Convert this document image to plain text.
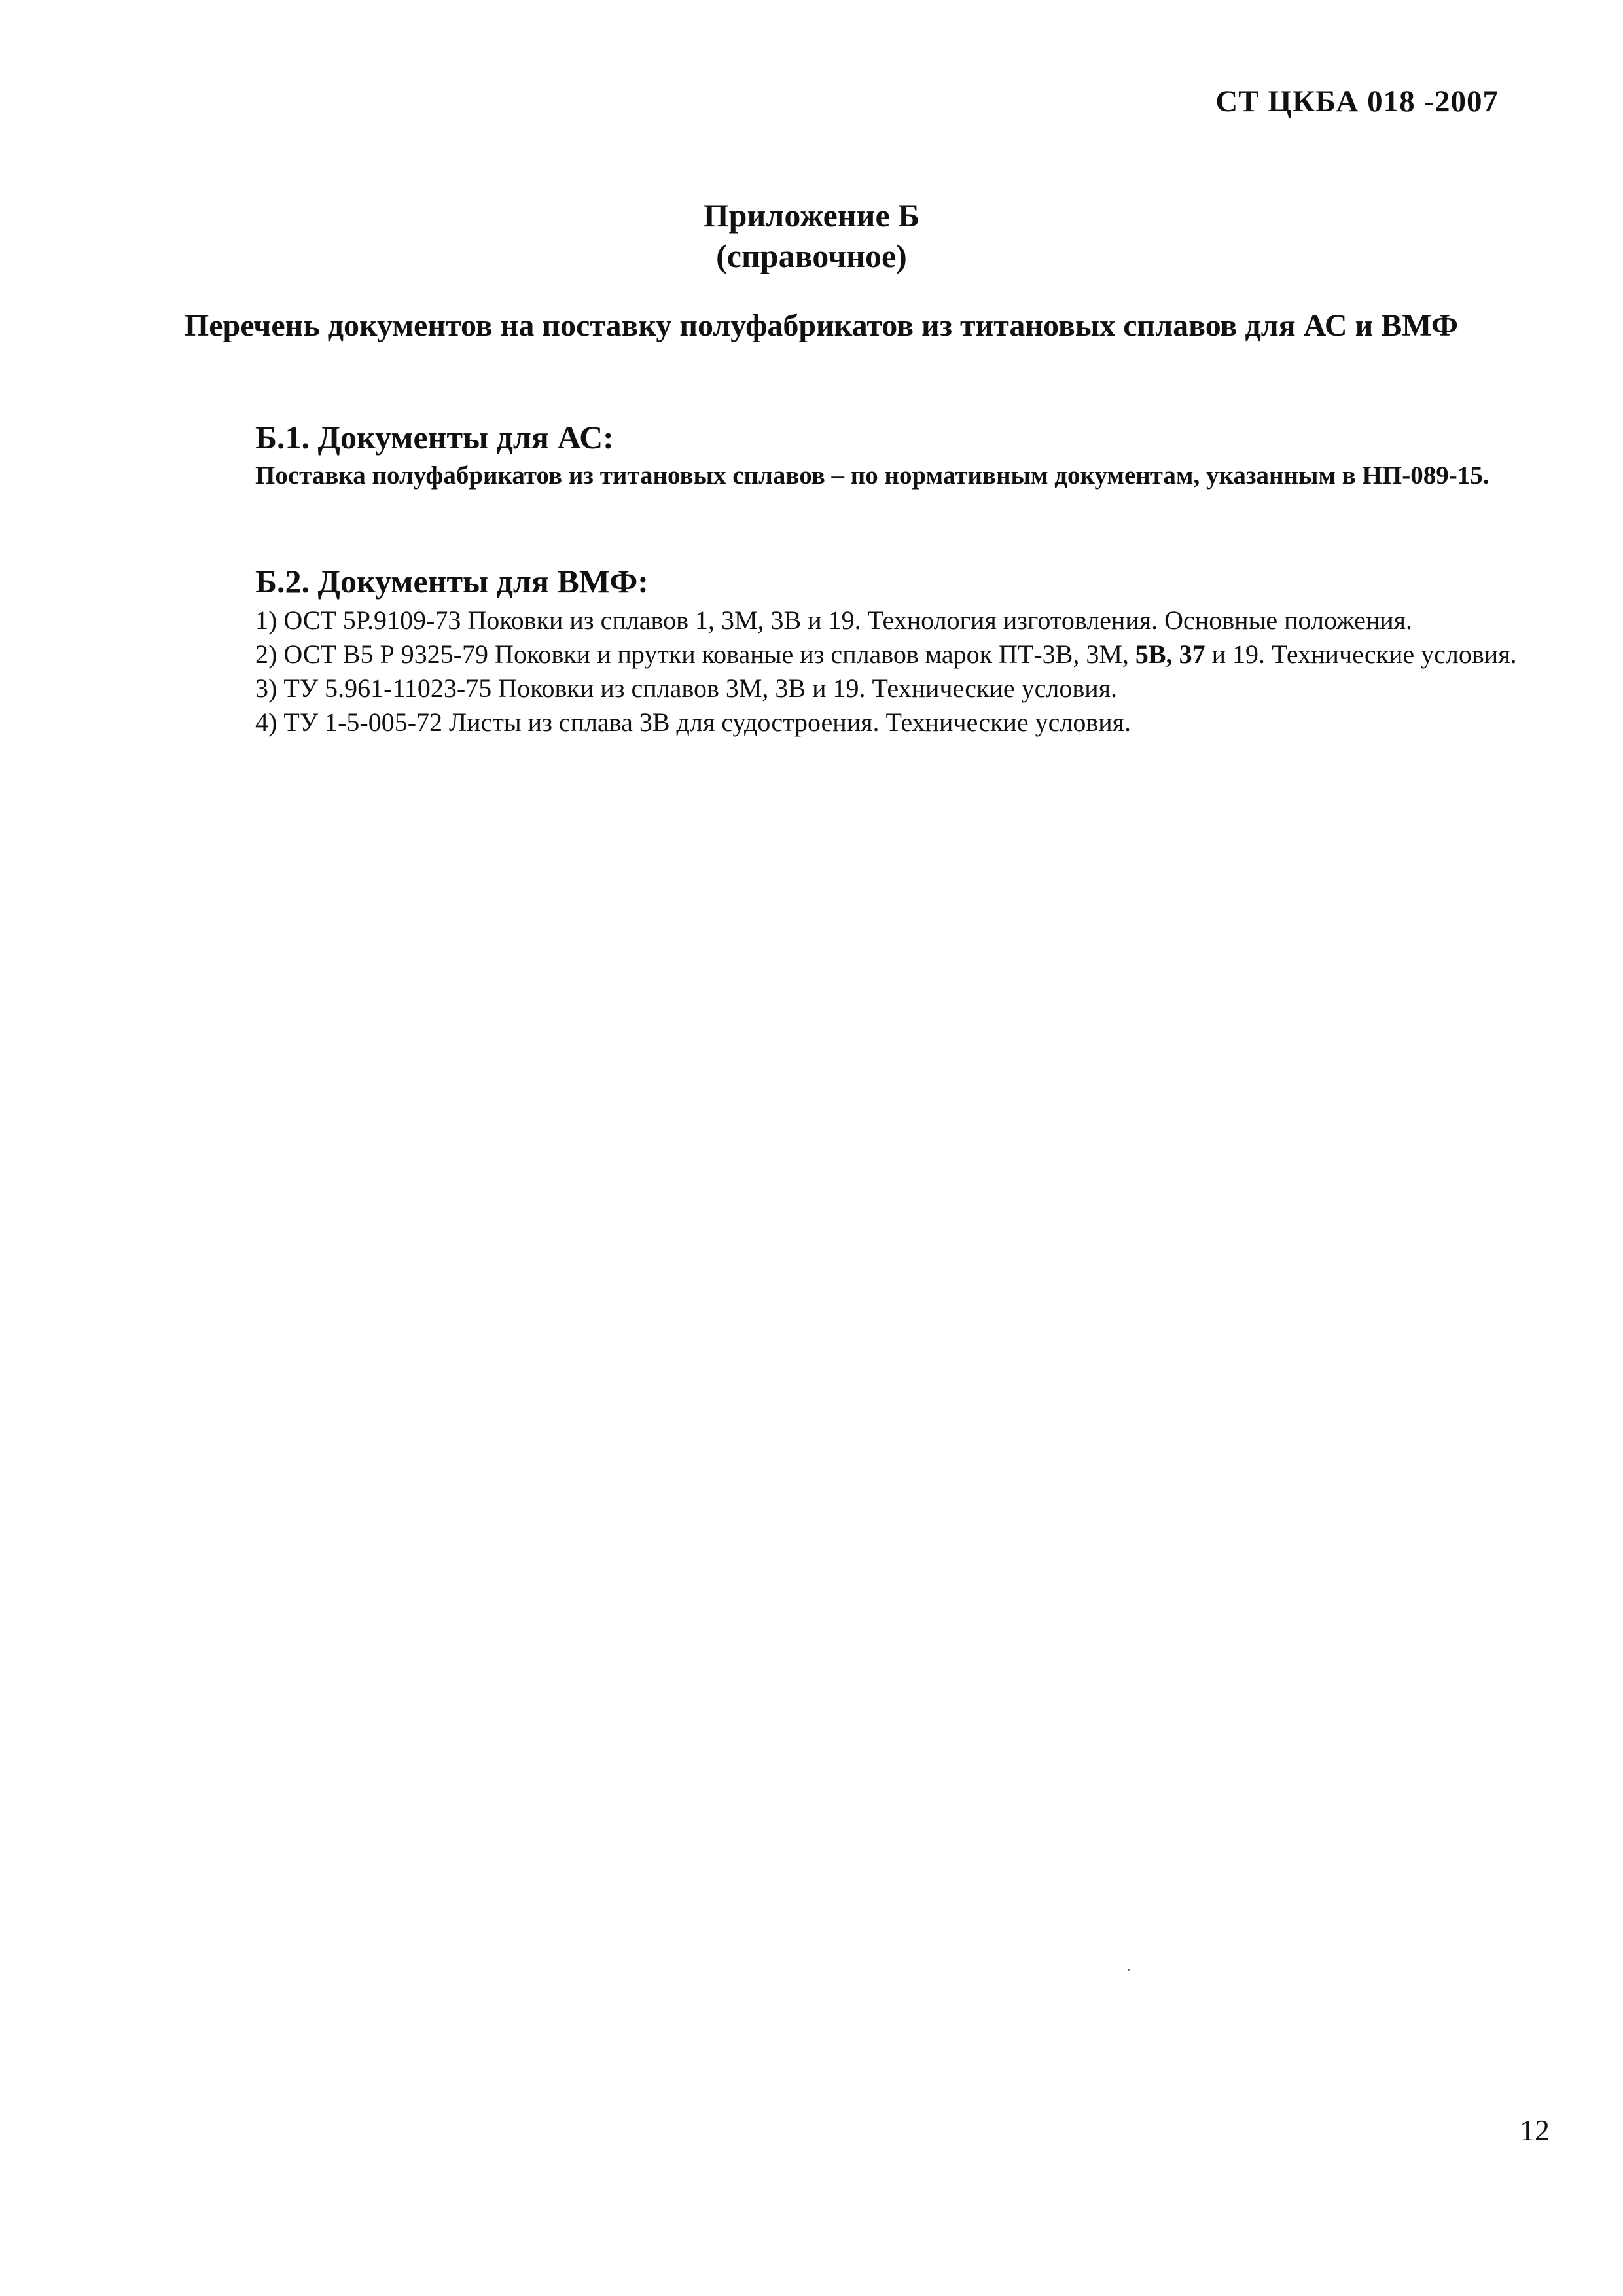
СТ ЦКБА 018 -2007
Приложение Б
(справочное)
Перечень документов на поставку полуфабрикатов из титановых сплавов для АС и ВМФ
Б.1. Документы для АС:
Поставка полуфабрикатов из титановых сплавов – по нормативным документам, указанным в НП-089-15.
Б.2. Документы для ВМФ:

1) ОСТ 5Р.9109-73 Поковки из сплавов 1, 3М, 3В и 19. Технология изготовления. Основные положения.

2) ОСТ В5 Р 9325-79 Поковки и прутки кованые из сплавов марок ПТ-3В, 3М, 5В, 37 и 19. Технические условия.

3) ТУ 5.961-11023-75 Поковки из сплавов 3М, 3В и 19. Технические условия.

4) ТУ 1-5-005-72 Листы из сплава 3В для судостроения. Технические условия.

12
